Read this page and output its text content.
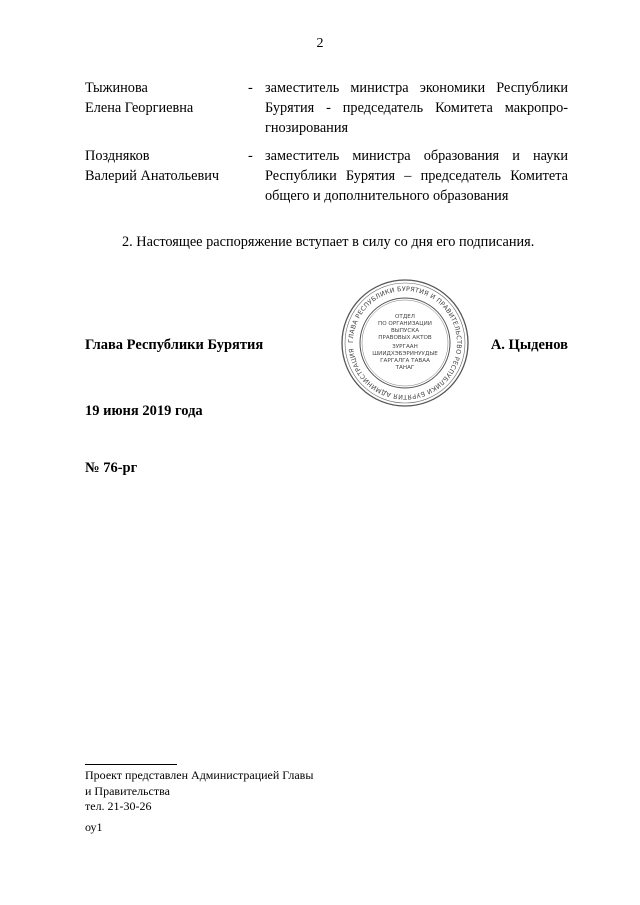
2
Тыжинова
Елена Георгиевна
- заместитель министра экономики Республики
Бурятия - председатель Комитета макропро-
гнозирования
Поздняков
Валерий Анатольевич
- заместитель министра образования и науки
Республики Бурятия – председатель Комитета
общего и дополнительного образования
2. Настоящее распоряжение вступает в силу со дня его подписания.
Глава Республики Бурятия	А. Цыденов
ГЛАВА РЕСПУБЛИКИ БУРЯТИЯ И ПРАВИТЕЛЬСТВО РЕСПУБЛИКИ БУРЯТИЯ АДМИНИСТРАЦИЯ
ОТДЕЛ
ПО ОРГАНИЗАЦИИ
ВЫПУСКА
ПРАВОВЫХ АКТОВ
ЗУРГААН
ШИИДХЭБЭРИНУУДЫЕ
ГАРГАЛГА ТАВАА
ТАНАГ
19 июня 2019 года
№ 76-рг
Проект представлен Администрацией Главы
и Правительства
тел. 21-30-26
оу1
